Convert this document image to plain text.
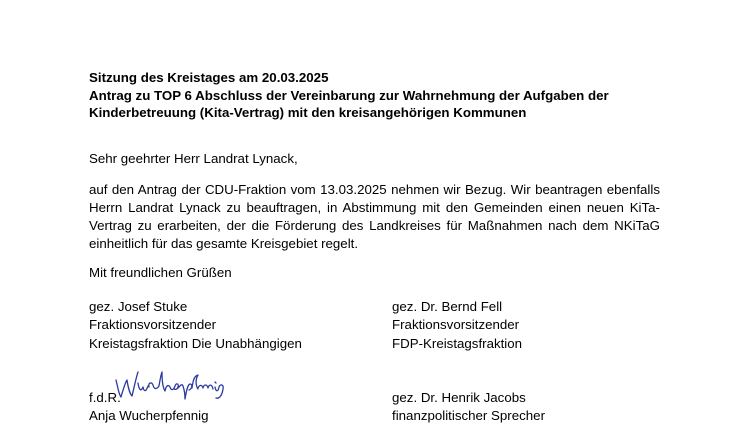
Sitzung des Kreistages am 20.03.2025
Antrag zu TOP 6 Abschluss der Vereinbarung zur Wahrnehmung der Aufgaben der
Kinderbetreuung (Kita-Vertrag) mit den kreisangehörigen Kommunen
Sehr geehrter Herr Landrat Lynack,
auf den Antrag der CDU-Fraktion vom 13.03.2025 nehmen wir Bezug. Wir beantragen ebenfalls Herrn Landrat Lynack zu beauftragen, in Abstimmung mit den Gemeinden einen neuen KiTa-Vertrag zu erarbeiten, der die Förderung des Landkreises für Maßnahmen nach dem NKiTaG einheitlich für das gesamte Kreisgebiet regelt.
Mit freundlichen Grüßen
gez. Josef Stuke
Fraktionsvorsitzender
Kreistagsfraktion Die Unabhängigen
gez. Dr. Bernd Fell
Fraktionsvorsitzender
FDP-Kreistagsfraktion
f.d.R.
Anja Wucherpfennig
gez. Dr. Henrik Jacobs
finanzpolitischer Sprecher
